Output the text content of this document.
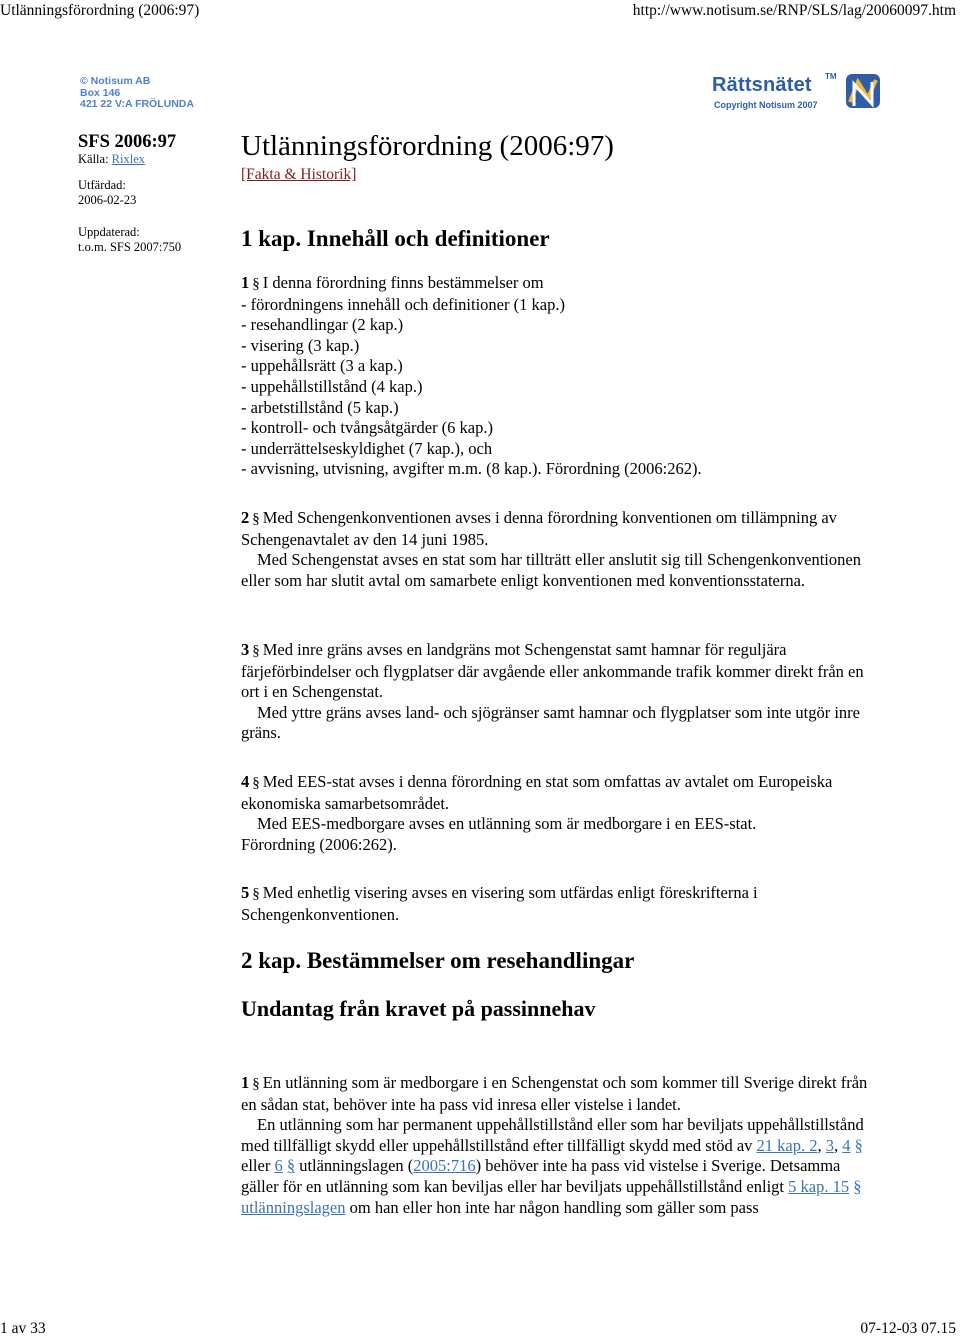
Utlänningsförordning (2006:97)	http://www.notisum.se/RNP/SLS/lag/20060097.htm
© Notisum AB
Box 146
421 22 V:A FRÖLUNDA
Rättsnätet TM
Copyright Notisum 2007
SFS 2006:97
Källa: Rixlex
Utfärdad:
2006-02-23
Uppdaterad:
t.o.m. SFS 2007:750
Utlänningsförordning (2006:97)
[Fakta & Historik]
1 kap. Innehåll och definitioner
1 § I denna förordning finns bestämmelser om
- förordningens innehåll och definitioner (1 kap.)
- resehandlingar (2 kap.)
- visering (3 kap.)
- uppehållsrätt (3 a kap.)
- uppehållstillstånd (4 kap.)
- arbetstillstånd (5 kap.)
- kontroll- och tvångsåtgärder (6 kap.)
- underrättelseskyldighet (7 kap.), och
- avvisning, utvisning, avgifter m.m. (8 kap.). Förordning (2006:262).
2 § Med Schengenkonventionen avses i denna förordning konventionen om tillämpning av Schengenavtalet av den 14 juni 1985.
Med Schengenstat avses en stat som har tillträtt eller anslutit sig till Schengenkonventionen eller som har slutit avtal om samarbete enligt konventionen med konventionsstaterna.
3 § Med inre gräns avses en landgräns mot Schengenstat samt hamnar för reguljära färjeförbindelser och flygplatser där avgående eller ankommande trafik kommer direkt från en ort i en Schengenstat.
Med yttre gräns avses land- och sjögränser samt hamnar och flygplatser som inte utgör inre gräns.
4 § Med EES-stat avses i denna förordning en stat som omfattas av avtalet om Europeiska ekonomiska samarbetsområdet.
Med EES-medborgare avses en utlänning som är medborgare i en EES-stat.
Förordning (2006:262).
5 § Med enhetlig visering avses en visering som utfärdas enligt föreskrifterna i Schengenkonventionen.
2 kap. Bestämmelser om resehandlingar
Undantag från kravet på passinnehav
1 § En utlänning som är medborgare i en Schengenstat och som kommer till Sverige direkt från en sådan stat, behöver inte ha pass vid inresa eller vistelse i landet.
En utlänning som har permanent uppehållstillstånd eller som har beviljats uppehållstillstånd med tillfälligt skydd eller uppehållstillstånd efter tillfälligt skydd med stöd av 21 kap. 2, 3, 4 § eller 6 § utlänningslagen (2005:716) behöver inte ha pass vid vistelse i Sverige. Detsamma gäller för en utlänning som kan beviljas eller har beviljats uppehållstillstånd enligt 5 kap. 15 § utlänningslagen om han eller hon inte har någon handling som gäller som pass
1 av 33	07-12-03 07.15
